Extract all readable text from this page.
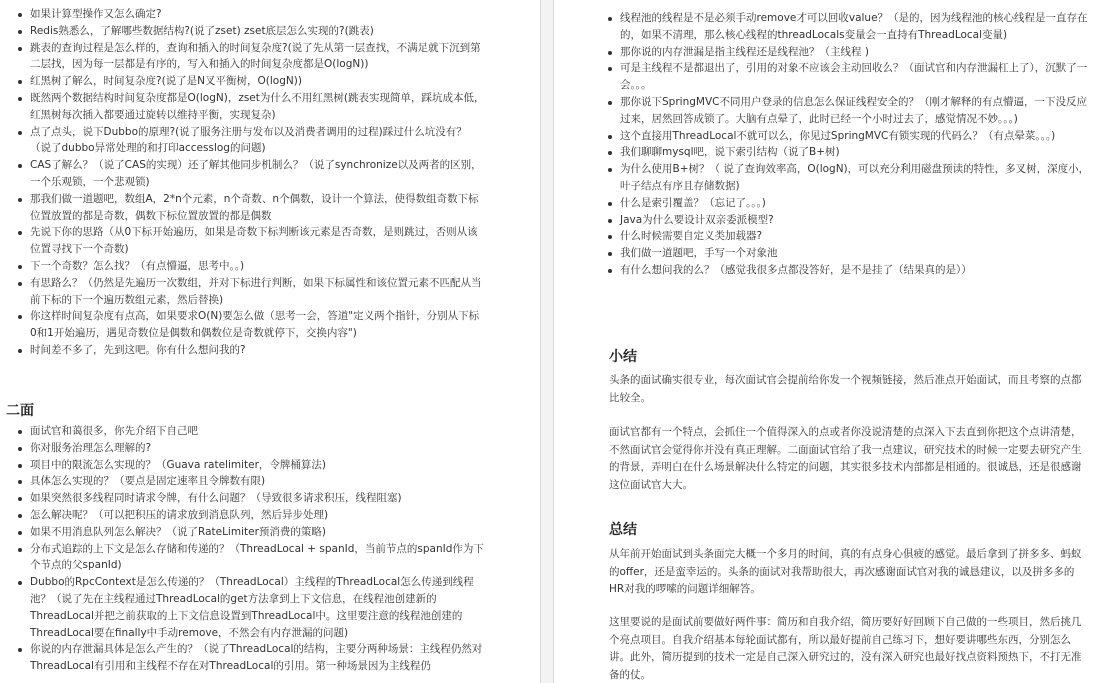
如果计算型操作又怎么确定?
Redis熟悉么，了解哪些数据结构?(说了zset) zset底层怎么实现的?(跳表)
跳表的查询过程是怎么样的，查询和插入的时间复杂度?(说了先从第一层查找，不满足就下沉到第二层找，因为每一层都是有序的，写入和插入的时间复杂度都是O(logN))
红黑树了解么，时间复杂度?(说了是N叉平衡树，O(logN))
既然两个数据结构时间复杂度都是O(logN)，zset为什么不用红黑树(跳表实现简单，踩坑成本低，红黑树每次插入都要通过旋转以维持平衡，实现复杂)
点了点头，说下Dubbo的原理?(说了服务注册与发布以及消费者调用的过程)踩过什么坑没有？（说了dubbo异常处理的和打印accesslog的问题)
CAS了解么？（说了CAS的实现）还了解其他同步机制么？（说了synchronize以及两者的区别，一个乐观锁，一个悲观锁)
那我们做一道题吧，数组A，2*n个元素，n个奇数、n个偶数，设计一个算法，使得数组奇数下标位置放置的都是奇数，偶数下标位置放置的都是偶数
先说下你的思路（从0下标开始遍历，如果是奇数下标判断该元素是否奇数，是则跳过，否则从该位置寻找下一个奇数)
下一个奇数？怎么找？（有点懵逼，思考中。。)
有思路么？（仍然是先遍历一次数组，并对下标进行判断，如果下标属性和该位置元素不匹配从当前下标的下一个遍历数组元素，然后替换)
你这样时间复杂度有点高，如果要求O(N)要怎么做（思考一会，答道"定义两个指针，分别从下标0和1开始遍历，遇见奇数位是偶数和偶数位是奇数就停下，交换内容")
时间差不多了，先到这吧。你有什么想问我的?
二面
面试官和蔼很多，你先介绍下自己吧
你对服务治理怎么理解的?
项目中的限流怎么实现的？（Guava ratelimiter，令牌桶算法)
具体怎么实现的？（要点是固定速率且令牌数有限)
如果突然很多线程同时请求令牌，有什么问题？（导致很多请求积压，线程阻塞)
怎么解决呢？（可以把积压的请求放到消息队列，然后异步处理)
如果不用消息队列怎么解决？（说了RateLimiter预消费的策略)
分布式追踪的上下文是怎么存储和传递的？（ThreadLocal + spanId，当前节点的spanId作为下个节点的父spanId)
Dubbo的RpcContext是怎么传递的？（ThreadLocal）主线程的ThreadLocal怎么传递到线程池？（说了先在主线程通过ThreadLocal的get方法拿到上下文信息，在线程池创建新的ThreadLocal并把之前获取的上下文信息设置到ThreadLocal中。这里要注意的线程池创建的ThreadLocal要在finally中手动remove，不然会有内存泄漏的问题)
你说的内存泄漏具体是怎么产生的？（说了ThreadLocal的结构，主要分两种场景：主线程仍然对ThreadLocal有引用和主线程不存在对ThreadLocal的引用。第一种场景因为主线程仍
线程池的线程是不是必须手动remove才可以回收value？（是的，因为线程池的核心线程是一直存在的，如果不清理，那么核心线程的threadLocals变量会一直持有ThreadLocal变量)
那你说的内存泄漏是指主线程还是线程池？（主线程 )
可是主线程不是都退出了，引用的对象不应该会主动回收么？（面试官和内存泄漏杠上了），沉默了一会。。。
那你说下SpringMVC不同用户登录的信息怎么保证线程安全的？（刚才解释的有点懵逼，一下没反应过来，居然回答成锁了。大脑有点晕了，此时已经一个小时过去了，感觉情况不妙。。。)
这个直接用ThreadLocal不就可以么，你见过SpringMVC有锁实现的代码么？（有点晕菜。。。)
我们聊聊mysql吧，说下索引结构（说了B+树)
为什么使用B+树？（ 说了查询效率高，O(logN)，可以充分利用磁盘预读的特性，多叉树，深度小，叶子结点有序且存储数据)
什么是索引覆盖？（忘记了。。。)
Java为什么要设计双亲委派模型?
什么时候需要自定义类加载器?
我们做一道题吧，手写一个对象池
有什么想问我的么？（感觉我很多点都没答好，是不是挂了（结果真的是））
小结

头条的面试确实很专业，每次面试官会提前给你发一个视频链接，然后准点开始面试，而且考察的点都比较全。

面试官都有一个特点，会抓住一个值得深入的点或者你没说清楚的点深入下去直到你把这个点讲清楚，不然面试官会觉得你并没有真正理解。二面面试官给了我一点建议，研究技术的时候一定要去研究产生的背景，弄明白在什么场景解决什么特定的问题，其实很多技术内部都是相通的。很诚恳，还是很感谢这位面试官大大。

总结

从年前开始面试到头条面完大概一个多月的时间，真的有点身心俱疲的感觉。最后拿到了拼多多、蚂蚁的offer，还是蛮幸运的。头条的面试对我帮助很大，再次感谢面试官对我的诚恳建议，以及拼多多的HR对我的啰嗦的问题详细解答。

这里要说的是面试前要做好两件事：简历和自我介绍，简历要好好回顾下自己做的一些项目，然后挑几个亮点项目。自我介绍基本每轮面试都有，所以最好提前自己练习下，想好要讲哪些东西，分别怎么讲。此外，简历提到的技术一定是自己深入研究过的，没有深入研究也最好找点资料预热下，不打无准备的仗。
